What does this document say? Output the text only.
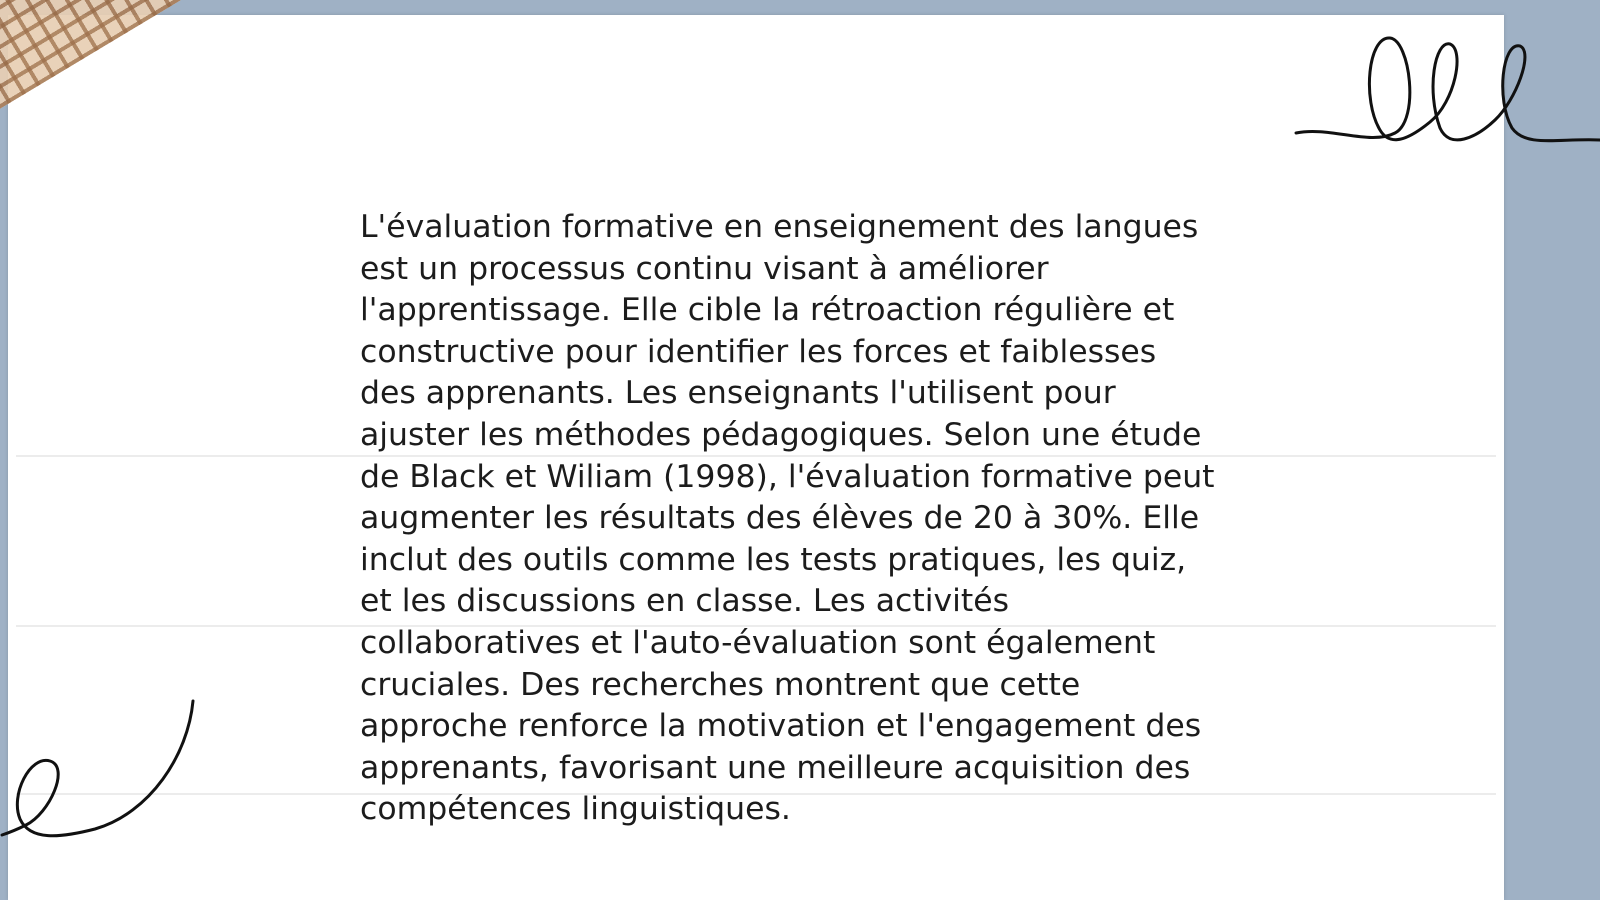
L'évaluation formative en enseignement des langues
est un processus continu visant à améliorer
l'apprentissage. Elle cible la rétroaction régulière et
constructive pour identifier les forces et faiblesses
des apprenants. Les enseignants l'utilisent pour
ajuster les méthodes pédagogiques. Selon une étude
de Black et Wiliam (1998), l'évaluation formative peut
augmenter les résultats des élèves de 20 à 30%. Elle
inclut des outils comme les tests pratiques, les quiz,
et les discussions en classe. Les activités
collaboratives et l'auto-évaluation sont également
cruciales. Des recherches montrent que cette
approche renforce la motivation et l'engagement des
apprenants, favorisant une meilleure acquisition des
compétences linguistiques.
